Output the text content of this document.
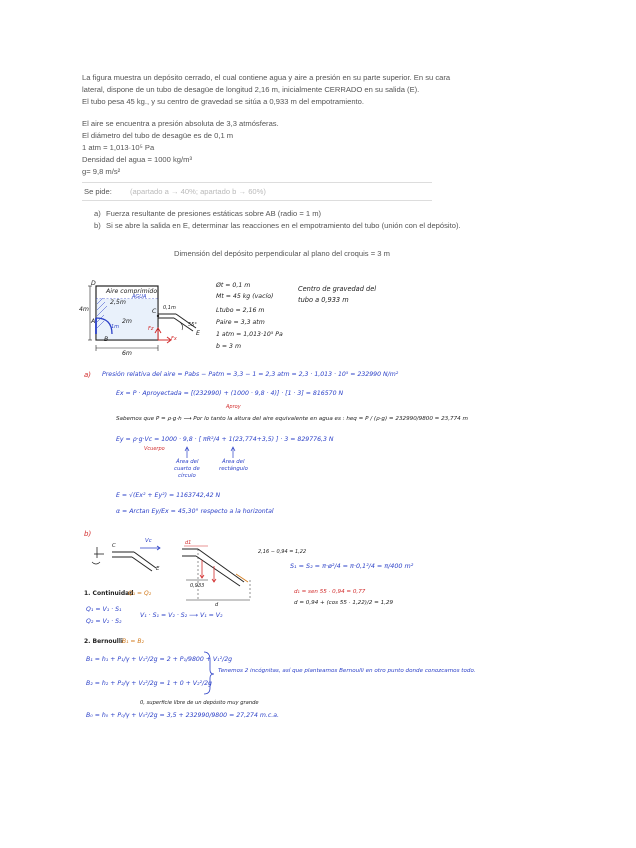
La figura muestra un depósito cerrado, el cual contiene agua y aire a presión en su parte superior. En su cara

lateral, dispone de un tubo de desagüe de longitud 2,16 m, inicialmente CERRADO en su salida (E).

El tubo pesa 45 kg., y su centro de gravedad se sitúa a 0,933 m del empotramiento.

El aire se encuentra a presión absoluta de 3,3 atmósferas.

El diámetro del tubo de desagüe es de 0,1 m

1 atm = 1,013·10⁵ Pa

Densidad del agua = 1000 kg/m³

g= 9,8 m/s²

Se pide: (apartado a → 40%; apartado b → 60%)

a) Fuerza resultante de presiones estáticas sobre AB (radio = 1 m)

b) Si se abre la salida en E, determinar las reacciones en el empotramiento del tubo (unión con el depósito).

Dimensión del depósito perpendicular al plano del croquis = 3 m

D
Aire comprimido
AGUA
2,5m
C
4m
A
B
2m
1m
0,1m
55°
E
Fz
Fx
6m
Øt = 0,1 m
Mt = 45 kg (vacío)
Ltubo = 2,16 m
Paire = 3,3 atm
1 atm = 1,013·10⁵ Pa
b = 3 m
Centro de gravedad del
tubo a 0,933 m
a) Presión relativa del aire = Pabs − Patm = 3,3 − 1 = 2,3 atm = 2,3 · 1,013 · 10⁵ = 232990 N/m²
Ex = P · Aproyectada = [(232990) + (1000 · 9,8 · 4)] · [1 · 3] = 816570 N
Aproy
Sabemos que P = ρ·g·h ⟶ Por lo tanto la altura del aire equivalente en agua es : heq = P / (ρ·g) = 232990/9800 = 23,774 m
Ey = ρ·g·Vc = 1000 · 9,8 · [ πR²/4 + 1(23,774+3,5) ] · 3 = 829776,3 N
Vcuerpo
Área del
cuarto de
círculo
Área del
rectángulo
E = √(Ex² + Ey²) = 1163742,42 N
α = Arctan Ey/Ex = 45,30° respecto a la horizontal
b)
Vc
C
E
d1
2,16 − 0,94 = 1,22
0,933
d
S₁ = S₂ = π·ø²/4 = π·0,1²/4 = π/400 m²
d₁ = sen 55 · 0,94 = 0,77
d = 0,94 + (cos 55 · 1,22)/2 = 1,29
1. Continuidad
Q₁ = Q₂
Q₁ = V₁ · S₁
Q₂ = V₂ · S₂
V₁ · S₁ = V₂ · S₂ ⟶ V₁ = V₂
2. Bernoulli B₁ = B₂
B₁ = h₁ + P₁/γ + V₁²/2g = 2 + P₁/9800 + V₁²/2g
B₂ = h₂ + P₂/γ + V₂²/2g = 1 + 0 + V₂²/2g
Tenemos 2 incógnitas, así que planteamos Bernoulli en otro punto donde conozcamos todo.
0, superficie libre de un depósito muy grande
B₀ = h₀ + P₀/γ + V₀²/2g = 3,5 + 232990/9800 = 27,274 m.c.a.
